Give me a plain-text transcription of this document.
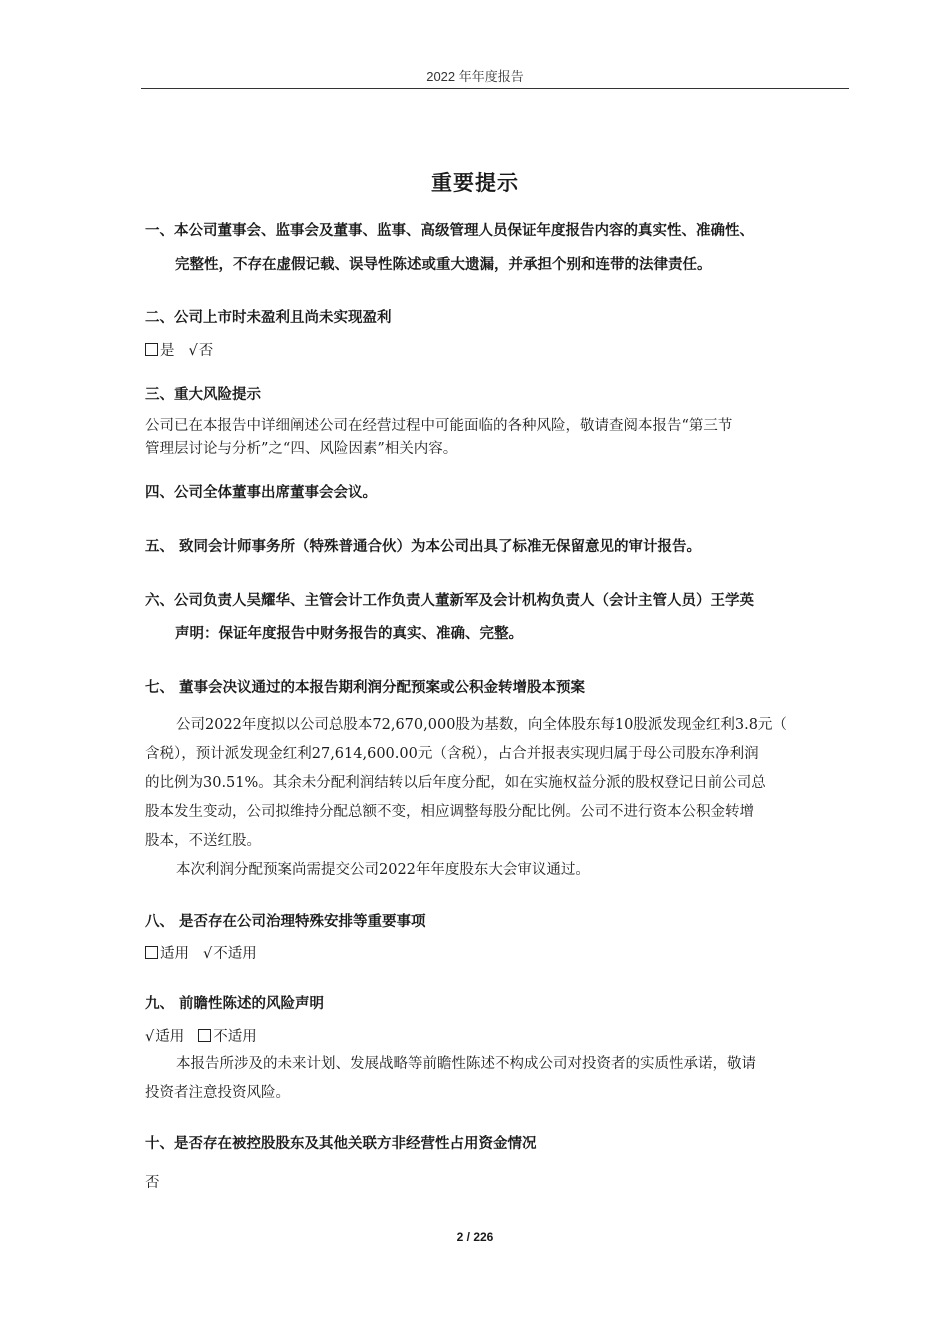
2022 年年度报告
重要提示
一、本公司董事会、监事会及董事、监事、高级管理人员保证年度报告内容的真实性、准确性、
完整性，不存在虚假记载、误导性陈述或重大遗漏，并承担个别和连带的法律责任。
二、公司上市时未盈利且尚未实现盈利
是 √否
三、重大风险提示
公司已在本报告中详细阐述公司在经营过程中可能面临的各种风险，敬请查阅本报告“第三节
管理层讨论与分析”之“四、风险因素”相关内容。
四、公司全体董事出席董事会会议。
五、 致同会计师事务所（特殊普通合伙）为本公司出具了标准无保留意见的审计报告。
六、公司负责人吴耀华、主管会计工作负责人董新军及会计机构负责人（会计主管人员）王学英
声明：保证年度报告中财务报告的真实、准确、完整。
七、 董事会决议通过的本报告期利润分配预案或公积金转增股本预案
公司2022年度拟以公司总股本72,670,000股为基数，向全体股东每10股派发现金红利3.8元（
含税），预计派发现金红利27,614,600.00元（含税），占合并报表实现归属于母公司股东净利润
的比例为30.51%。其余未分配利润结转以后年度分配，如在实施权益分派的股权登记日前公司总
股本发生变动，公司拟维持分配总额不变，相应调整每股分配比例。公司不进行资本公积金转增
股本，不送红股。
本次利润分配预案尚需提交公司2022年年度股东大会审议通过。
八、 是否存在公司治理特殊安排等重要事项
适用 √不适用
九、 前瞻性陈述的风险声明
√适用 不适用
本报告所涉及的未来计划、发展战略等前瞻性陈述不构成公司对投资者的实质性承诺，敬请
投资者注意投资风险。
十、是否存在被控股股东及其他关联方非经营性占用资金情况
否
2 / 226
